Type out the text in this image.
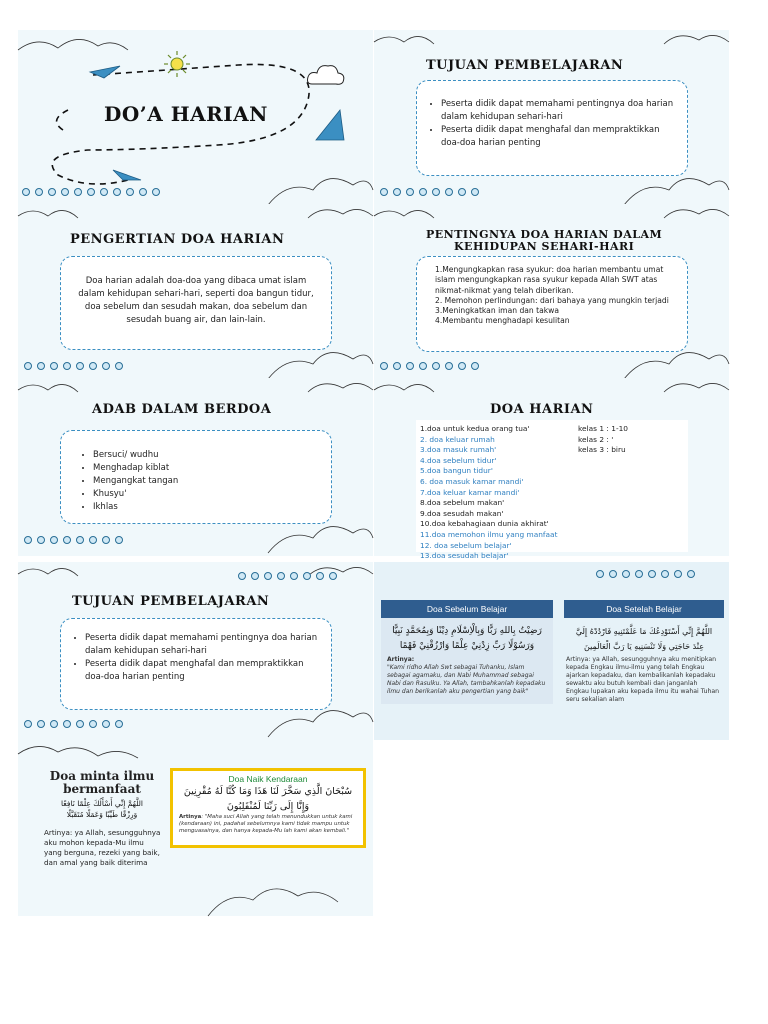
DO’A HARIAN
TUJUAN PEMBELAJARAN
• Peserta didik dapat memahami pentingnya doa harian dalam kehidupan sehari-hari
• Peserta didik dapat menghafal dan mempraktikkan doa-doa harian penting
PENGERTIAN DOA HARIAN
Doa harian adalah doa-doa yang dibaca umat islam dalam kehidupan sehari-hari, seperti doa bangun tidur, doa sebelum dan sesudah makan, doa sebelum dan sesudah buang air, dan lain-lain.
PENTINGNYA DOA HARIAN DALAM
KEHIDUPAN SEHARI-HARI
1.Mengungkapkan rasa syukur: doa harian membantu umat islam mengungkapkan rasa syukur kepada Allah SWT atas nikmat-nikmat yang telah diberikan.
2. Memohon perlindungan: dari bahaya yang mungkin terjadi
3.Meningkatkan iman dan takwa
4.Membantu menghadapi kesulitan
ADAB DALAM BERDOA
• Bersuci/ wudhu
• Menghadap kiblat
• Mengangkat tangan
• Khusyu'
• Ikhlas
DOA HARIAN
1.doa untuk kedua orang tua'
2. doa keluar rumah
3.doa masuk rumah'
4.doa sebelum tidur'
5.doa bangun tidur'
6. doa masuk kamar mandi'
7.doa keluar kamar mandi'
8.doa sebelum makan'
9.doa sesudah makan'
10.doa kebahagiaan dunia akhirat'
11.doa memohon ilmu yang manfaat
12. doa sebelum belajar'
13.doa sesudah belajar'
kelas 1 : 1-10
kelas 2 : '
kelas 3 : biru
TUJUAN PEMBELAJARAN
• Peserta didik dapat memahami pentingnya doa harian dalam kehidupan sehari-hari
• Peserta didik dapat menghafal dan mempraktikkan doa-doa harian penting
Doa Sebelum Belajar
رَضِيْتُ بِاللهِ رَبًّا وَبِالْاِسْلَامِ دِيْنًا وَبِمُحَمَّدٍ نَبِيًّا
وَرَسُوْلًا رَبِّ زِدْنِيْ عِلْمًا وَارْزُقْنِيْ فَهْمًا
Artinya:
"Kami ridho Allah Swt sebagai Tuhanku, Islam sebagai agamaku, dan Nabi Muhammad sebagai Nabi dan Rasulku. Ya Allah, tambahkanlah kepadaku ilmu dan berikanlah aku pengertian yang baik"
Doa Setelah Belajar
اللَّهُمَّ إِنِّي أَسْتَوْدِعُكَ مَا عَلَّمْتَنِيهِ فَارْدُدْهُ إِلَيَّ
عِنْدَ حَاجَتِي وَلَا تَنْسَنِيهِ يَا رَبَّ الْعَالَمِينَ
Artinya: ya Allah, sesungguhnya aku menitipkan kepada Engkau ilmu-ilmu yang telah Engkau ajarkan kepadaku, dan kembalikanlah kepadaku sewaktu aku butuh kembali dan janganlah Engkau lupakan aku kepada ilmu itu wahai Tuhan seru sekalian alam
Doa minta ilmu
bermanfaat
اللَّهُمَّ إِنِّي أَسْأَلُكَ عِلْمًا نَافِعًا
وَرِزْقًا طَيِّبًا وَعَمَلًا مُتَقَبَّلًا
Artinya: ya Allah, sesungguhnya aku mohon kepada-Mu ilmu yang berguna, rezeki yang baik, dan amal yang baik diterima
Doa Naik Kendaraan
سُبْحَانَ الَّذِي سَخَّرَ لَنَا هَذَا وَمَا كُنَّا لَهُ مُقْرِنِينَ
وَإِنَّا إِلَى رَبِّنَا لَمُنْقَلِبُونَ
Artinya: "Maha suci Allah yang telah menundukkan untuk kami (kendaraan) ini, padahal sebelumnya kami tidak mampu untuk menguasainya, dan hanya kepada-Mu lah kami akan kembali."
